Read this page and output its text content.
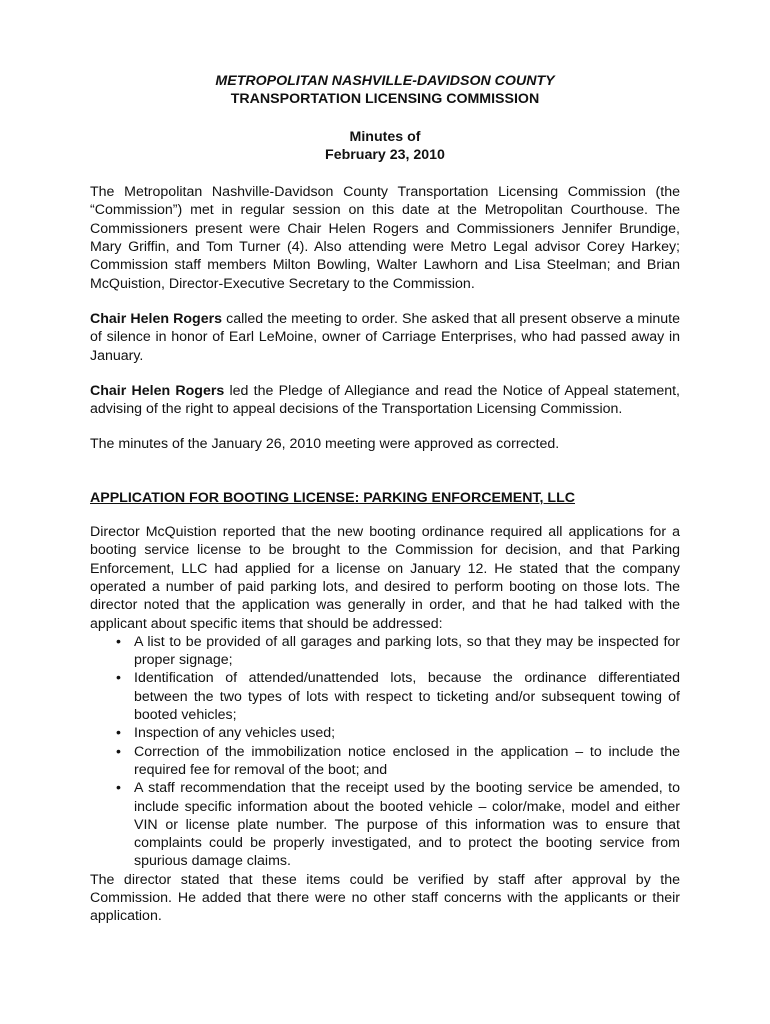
METROPOLITAN NASHVILLE-DAVIDSON COUNTY
TRANSPORTATION LICENSING COMMISSION
Minutes of
February 23, 2010

The Metropolitan Nashville-Davidson County Transportation Licensing Commission (the “Commission”) met in regular session on this date at the Metropolitan Courthouse. The Commissioners present were Chair Helen Rogers and Commissioners Jennifer Brundige, Mary Griffin, and Tom Turner (4). Also attending were Metro Legal advisor Corey Harkey; Commission staff members Milton Bowling, Walter Lawhorn and Lisa Steelman; and Brian McQuistion, Director-Executive Secretary to the Commission.

Chair Helen Rogers called the meeting to order. She asked that all present observe a minute of silence in honor of Earl LeMoine, owner of Carriage Enterprises, who had passed away in January.

Chair Helen Rogers led the Pledge of Allegiance and read the Notice of Appeal statement, advising of the right to appeal decisions of the Transportation Licensing Commission.

The minutes of the January 26, 2010 meeting were approved as corrected.

APPLICATION FOR BOOTING LICENSE: PARKING ENFORCEMENT, LLC

Director McQuistion reported that the new booting ordinance required all applications for a booting service license to be brought to the Commission for decision, and that Parking Enforcement, LLC had applied for a license on January 12. He stated that the company operated a number of paid parking lots, and desired to perform booting on those lots. The director noted that the application was generally in order, and that he had talked with the applicant about specific items that should be addressed:

• A list to be provided of all garages and parking lots, so that they may be inspected for proper signage;
• Identification of attended/unattended lots, because the ordinance differentiated between the two types of lots with respect to ticketing and/or subsequent towing of booted vehicles;
• Inspection of any vehicles used;
• Correction of the immobilization notice enclosed in the application – to include the required fee for removal of the boot; and
• A staff recommendation that the receipt used by the booting service be amended, to include specific information about the booted vehicle – color/make, model and either VIN or license plate number. The purpose of this information was to ensure that complaints could be properly investigated, and to protect the booting service from spurious damage claims.

The director stated that these items could be verified by staff after approval by the Commission. He added that there were no other staff concerns with the applicants or their application.
